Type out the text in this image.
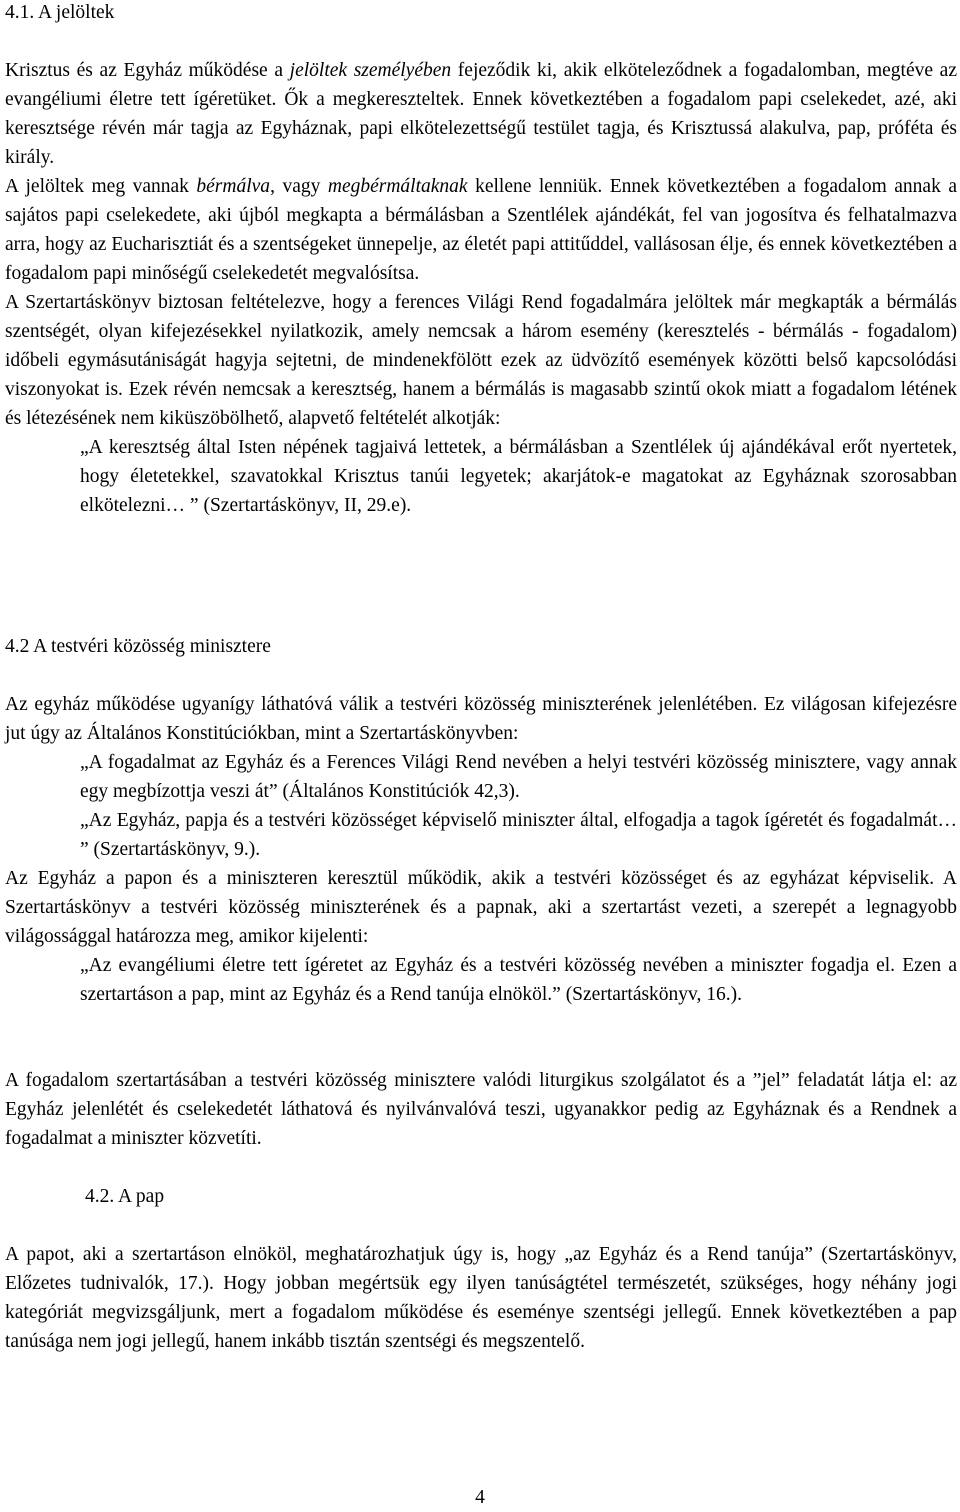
4.1. A jelöltek

Krisztus és az Egyház működése a jelöltek személyében fejeződik ki, akik elköteleződnek a fogadalomban, megtéve az evangéliumi életre tett ígéretüket. Ők a megkereszteltek. Ennek következtében a fogadalom papi cselekedet, azé, aki keresztsége révén már tagja az Egyháznak, papi elkötelezettségű testület tagja, és Krisztussá alakulva, pap, próféta és király.

A jelöltek meg vannak bérmálva, vagy megbérmáltaknak kellene lenniük. Ennek következtében a fogadalom annak a sajátos papi cselekedete, aki újból megkapta a bérmálásban a Szentlélek ajándékát, fel van jogosítva és felhatalmazva arra, hogy az Eucharisztiát és a szentségeket ünnepelje, az életét papi attitűddel, vallásosan élje, és ennek következtében a fogadalom papi minőségű cselekedetét megvalósítsa.

A Szertartáskönyv biztosan feltételezve, hogy a ferences Világi Rend fogadalmára jelöltek már megkapták a bérmálás szentségét, olyan kifejezésekkel nyilatkozik, amely nemcsak a három esemény (keresztelés - bérmálás - fogadalom) időbeli egymásutániságát hagyja sejtetni, de mindenekfölött ezek az üdvözítő események közötti belső kapcsolódási viszonyokat is. Ezek révén nemcsak a keresztség, hanem a bérmálás is magasabb szintű okok miatt a fogadalom létének és létezésének nem kiküszöbölhető, alapvető feltételét alkotják:

„A keresztség által Isten népének tagjaivá lettetek, a bérmálásban a Szentlélek új ajándékával erőt nyertetek, hogy életetekkel, szavatokkal Krisztus tanúi legyetek; akarjátok-e magatokat az Egyháznak szorosabban elkötelezni… ” (Szertartáskönyv, II, 29.e).

4.2 A testvéri közösség minisztere

Az egyház működése ugyanígy láthatóvá válik a testvéri közösség miniszterének jelenlétében. Ez világosan kifejezésre jut úgy az Általános Konstitúciókban, mint a Szertartáskönyvben:

„A fogadalmat az Egyház és a Ferences Világi Rend nevében a helyi testvéri közösség minisztere, vagy annak egy megbízottja veszi át” (Általános Konstitúciók 42,3).

„Az Egyház, papja és a testvéri közösséget képviselő miniszter által, elfogadja a tagok ígéretét és fogadalmát… ” (Szertartáskönyv, 9.).

Az Egyház a papon és a miniszteren keresztül működik, akik a testvéri közösséget és az egyházat képviselik. A Szertartáskönyv a testvéri közösség miniszterének és a papnak, aki a szertartást vezeti, a szerepét a legnagyobb világossággal határozza meg, amikor kijelenti:

„Az evangéliumi életre tett ígéretet az Egyház és a testvéri közösség nevében a miniszter fogadja el. Ezen a szertartáson a pap, mint az Egyház és a Rend tanúja elnököl.” (Szertartáskönyv, 16.).

A fogadalom szertartásában a testvéri közösség minisztere valódi liturgikus szolgálatot és a ”jel” feladatát látja el: az Egyház jelenlétét és cselekedetét láthatová és nyilvánvalóvá teszi, ugyanakkor pedig az Egyháznak és a Rendnek a fogadalmat a miniszter közvetíti.

4.2. A pap

A papot, aki a szertartáson elnököl, meghatározhatjuk úgy is, hogy „az Egyház és a Rend tanúja” (Szertartáskönyv, Előzetes tudnivalók, 17.). Hogy jobban megértsük egy ilyen tanúságtétel természetét, szükséges, hogy néhány jogi kategóriát megvizsgáljunk, mert a fogadalom működése és eseménye szentségi jellegű. Ennek következtében a pap tanúsága nem jogi jellegű, hanem inkább tisztán szentségi és megszentelő.

4
